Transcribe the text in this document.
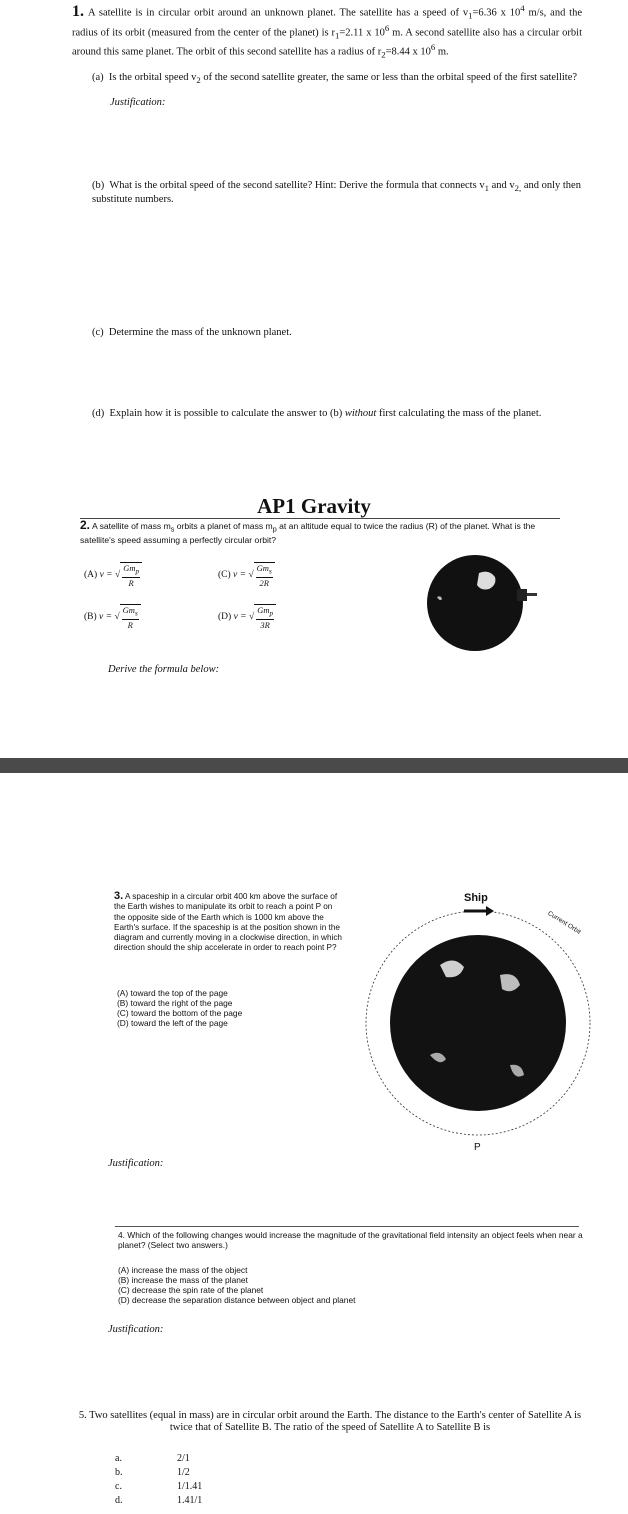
1. A satellite is in circular orbit around an unknown planet. The satellite has a speed of $v_1=6.36$ x $10^4$ m/s, and the radius of its orbit (measured from the center of the planet) is $r_1=2.11$ x $10^6$ m. A second satellite also has a circular orbit around this same planet. The orbit of this second satellite has a radius of $r_2=8.44$ x $10^6$ m.
(a) Is the orbital speed $v_2$ of the second satellite greater, the same or less than the orbital speed of the first satellite?
Justification:
(b) What is the orbital speed of the second satellite? Hint: Derive the formula that connects $v_1$ and $v_{2,}$ and only then substitute numbers.
(c) Determine the mass of the unknown planet.
(d) Explain how it is possible to calculate the answer to (b) without first calculating the mass of the planet.
AP1 Gravity
2. A satellite of mass $m_s$ orbits a planet of mass $m_p$ at an altitude equal to twice the radius (R) of the planet. What is the satellite's speed assuming a perfectly circular orbit?
(A) v = √ $\frac{Gm_p}{R}$	(C) v = √ $\frac{Gm_s}{2R}$
(B) v = √ $\frac{Gm_s}{R}$	(D) v = √ $\frac{Gm_p}{3R}$
Derive the formula below:
3. A spaceship in a circular orbit 400 km above the surface of the Earth wishes to manipulate its orbit to reach a point P on the opposite side of the Earth which is 1000 km above the Earth's surface. If the spaceship is at the position shown in the diagram and currently moving in a clockwise direction, in which direction should the ship accelerate in order to reach point P?
(A) toward the top of the page
(B) toward the right of the page
(C) toward the bottom of the page
(D) toward the left of the page
Ship
Current Orbit
P
Justification:
4. Which of the following changes would increase the magnitude of the gravitational field intensity an object feels when near a planet? (Select two answers.)
(A) increase the mass of the object
(B) increase the mass of the planet
(C) decrease the spin rate of the planet
(D) decrease the separation distance between object and planet
Justification:
5. Two satellites (equal in mass) are in circular orbit around the Earth. The distance to the Earth's center of Satellite A is twice that of Satellite B. The ratio of the speed of Satellite A to Satellite B is
a.	2/1
b.	1/2
c.	1/1.41
d.	1.41/1
